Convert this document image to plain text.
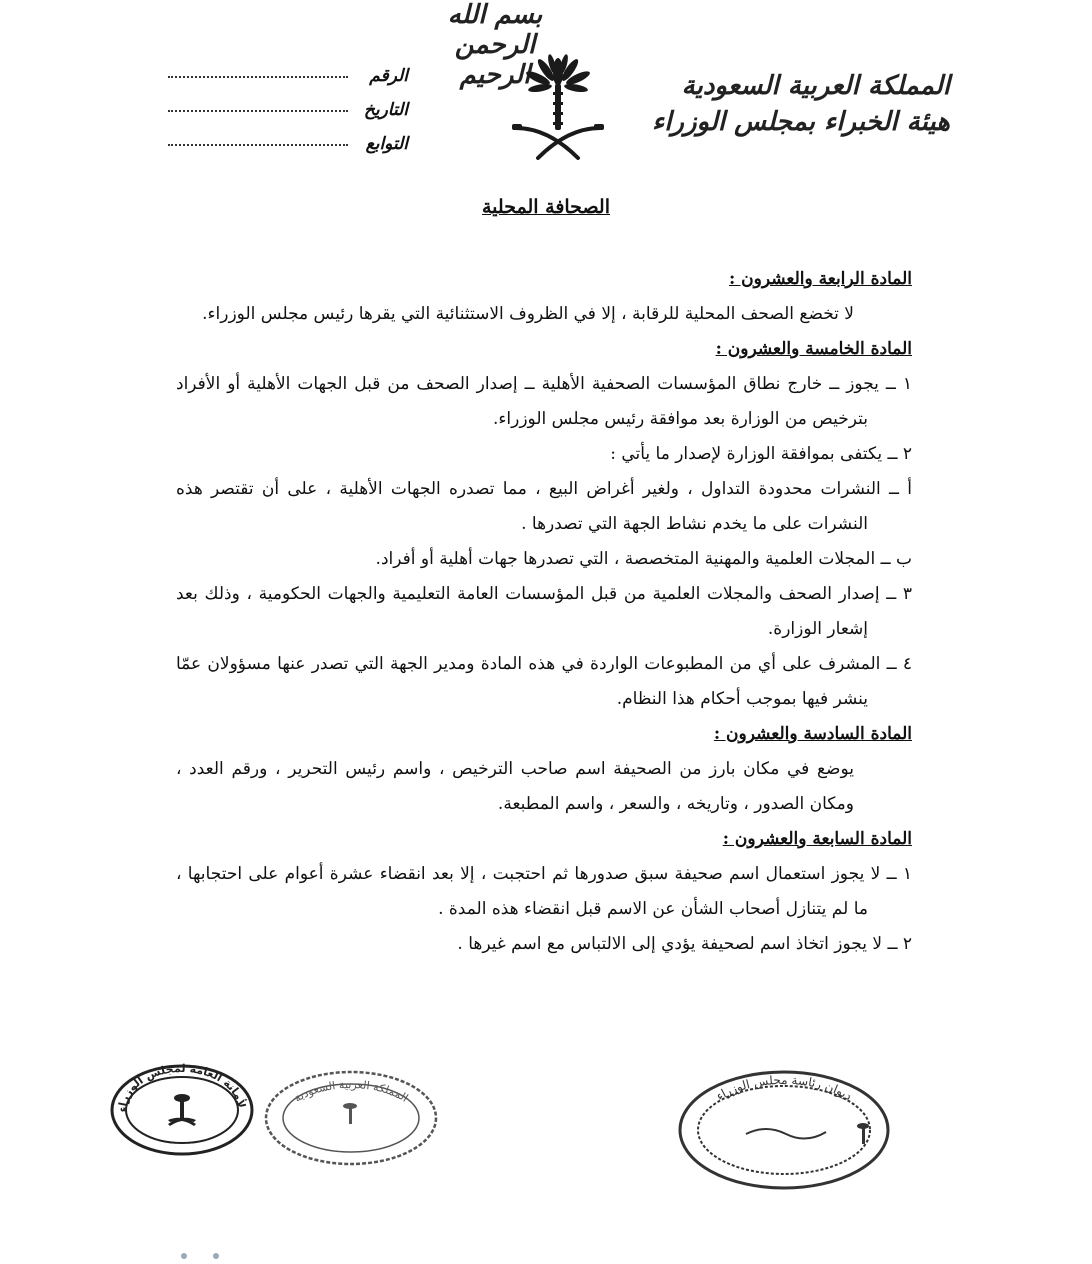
بسم الله الرحمن الرحيم
الرقم
التاريخ
التوابع
المملكة العربية السعودية
هيئة الخبراء بمجلس الوزراء
الصحافة المحلية
المادة الرابعة والعشرون :
لا تخضع الصحف المحلية للرقابة ، إلا في الظروف الاستثنائية التي يقرها رئيس مجلس الوزراء.
المادة الخامسة والعشرون :
١ ــ يجوز ــ خارج نطاق المؤسسات الصحفية الأهلية ــ إصدار الصحف من قبل الجهات الأهلية أو الأفراد بترخيص من الوزارة بعد موافقة رئيس مجلس الوزراء.
٢ ــ يكتفى بموافقة الوزارة لإصدار ما يأتي :
أ ــ النشرات محدودة التداول ، ولغير أغراض البيع ، مما تصدره الجهات الأهلية ، على أن تقتصر هذه النشرات على ما يخدم نشاط الجهة التي تصدرها .
ب ــ المجلات العلمية والمهنية المتخصصة ، التي تصدرها جهات أهلية أو أفراد.
٣ ــ إصدار الصحف والمجلات العلمية من قبل المؤسسات العامة التعليمية والجهات الحكومية ، وذلك بعد إشعار الوزارة.
٤ ــ المشرف على أي من المطبوعات الواردة في هذه المادة ومدير الجهة التي تصدر عنها مسؤولان عمّا ينشر فيها بموجب أحكام هذا النظام.
المادة السادسة والعشرون :
يوضع في مكان بارز من الصحيفة اسم صاحب الترخيص ، واسم رئيس التحرير ، ورقم العدد ، ومكان الصدور ، وتاريخه ، والسعر ، واسم المطبعة.
المادة السابعة والعشرون :
١ ــ لا يجوز استعمال اسم صحيفة سبق صدورها ثم احتجبت ، إلا بعد انقضاء عشرة أعوام على احتجابها ، ما لم يتنازل أصحاب الشأن عن الاسم قبل انقضاء هذه المدة .
٢ ــ لا يجوز اتخاذ اسم لصحيفة يؤدي إلى الالتباس مع اسم غيرها .
الأمانة العامة لمجلس الوزراء
المملكة العربية السعودية	ديوان رئاسة مجلس الوزراء
